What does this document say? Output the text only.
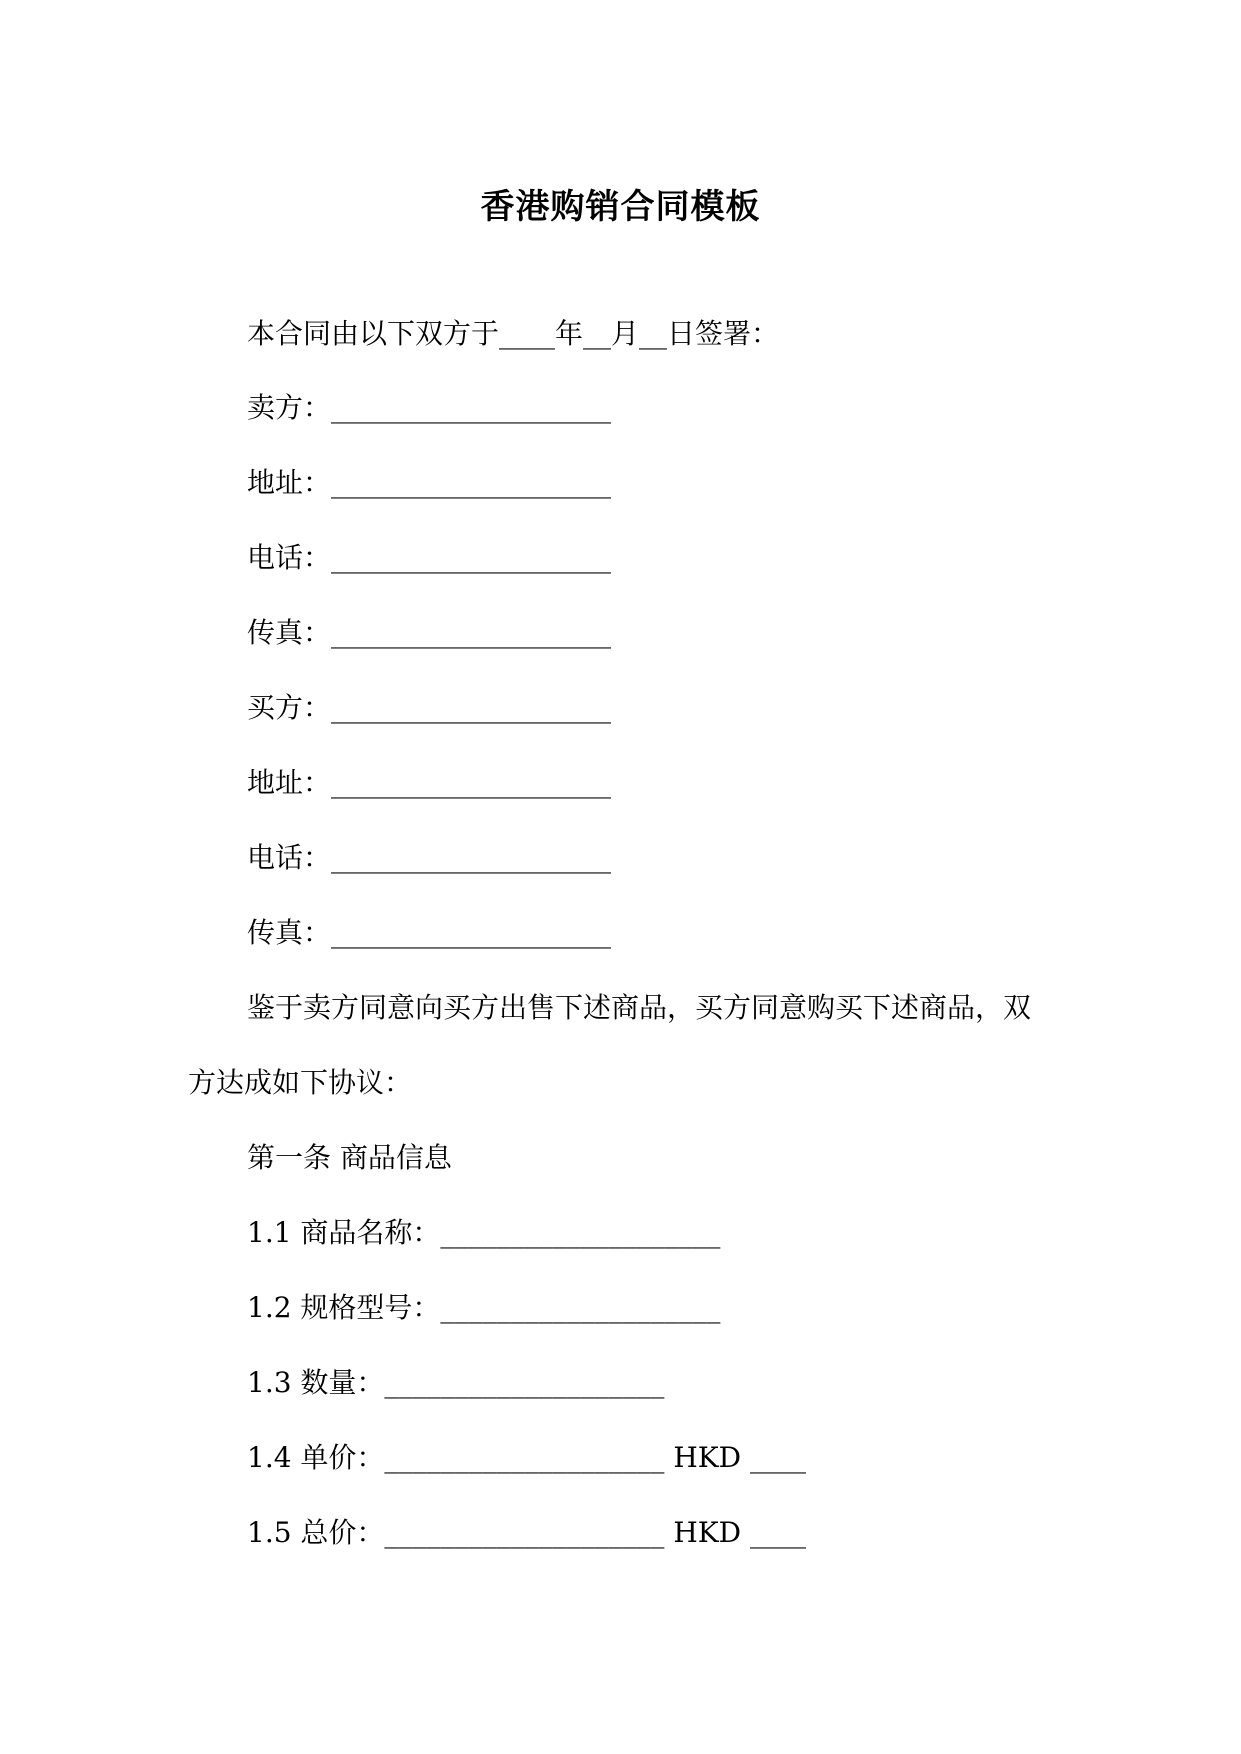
香港购销合同模板

本合同由以下双方于____年__月__日签署：

卖方：____________________

地址：____________________

电话：____________________

传真：____________________

买方：____________________

地址：____________________

电话：____________________

传真：____________________

鉴于卖方同意向买方出售下述商品，买方同意购买下述商品，双

方达成如下协议：

第一条 商品信息

1.1 商品名称：____________________

1.2 规格型号：____________________

1.3 数量：____________________

1.4 单价：____________________ HKD ____

1.5 总价：____________________ HKD ____
